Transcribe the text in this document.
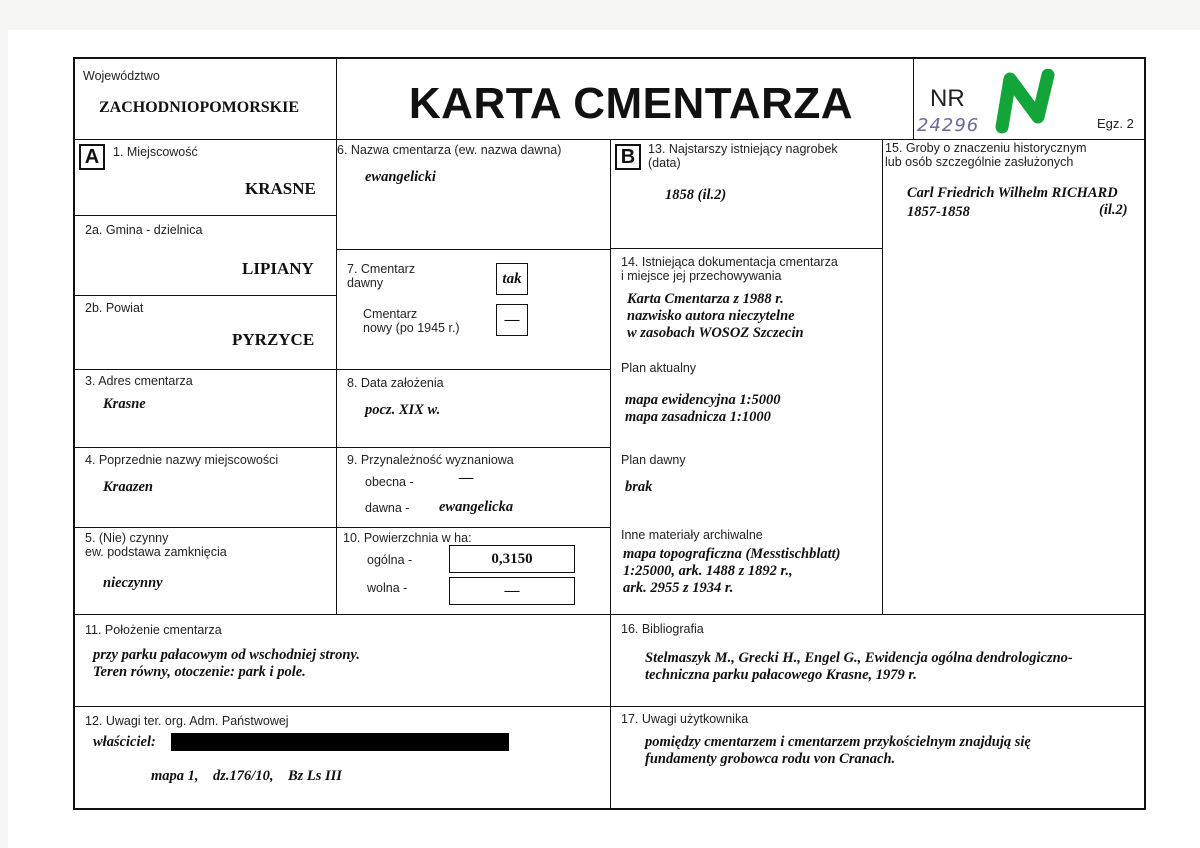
Województwo
ZACHODNIOPOMORSKIE	KARTA CMENTARZA	NR
24296	Egz. 2
A	1. Miejscowość
KRASNE
2a. Gmina - dzielnica
LIPIANY
2b. Powiat
PYRZYCE
6. Nazwa cmentarza (ew. nazwa dawna)
ewangelicki
7. Cmentarz
dawny	tak
Cmentarz
nowy (po 1945 r.)	—
3. Adres cmentarza
Krasne
8. Data założenia
pocz. XIX w.
4. Poprzednie nazwy miejscowości
Kraazen
9. Przynależność wyznaniowa
obecna -	—
dawna - ewangelicka
5. (Nie) czynny
ew. podstawa zamknięcia
nieczynny
10. Powierzchnia w ha:
ogólna -	0,3150
wolna -	—
B	13. Najstarszy istniejący nagrobek
(data)
1858 (il.2)
14. Istniejąca dokumentacja cmentarza
i miejsce jej przechowywania
Karta Cmentarza z 1988 r.
nazwisko autora nieczytelne
w zasobach WOSOZ Szczecin
Plan aktualny
mapa ewidencyjna 1:5000
mapa zasadnicza 1:1000
Plan dawny
brak
Inne materiały archiwalne
mapa topograficzna (Messtischblatt)
1:25000, ark. 1488 z 1892 r.,
ark. 2955 z 1934 r.
15. Groby o znaczeniu historycznym
lub osób szczególnie zasłużonych
Carl Friedrich Wilhelm RICHARD
1857-1858	(il.2)
11. Położenie cmentarza
przy parku pałacowym od wschodniej strony.
Teren równy, otoczenie: park i pole.
16. Bibliografia
Stelmaszyk M., Grecki H., Engel G., Ewidencja ogólna dendrologiczno-
techniczna parku pałacowego Krasne, 1979 r.
12. Uwagi ter. org. Adm. Państwowej
właściciel:
mapa 1,    dz.176/10,    Bz Ls III
17. Uwagi użytkownika
pomiędzy cmentarzem i cmentarzem przykościelnym znajdują się
fundamenty grobowca rodu von Cranach.
